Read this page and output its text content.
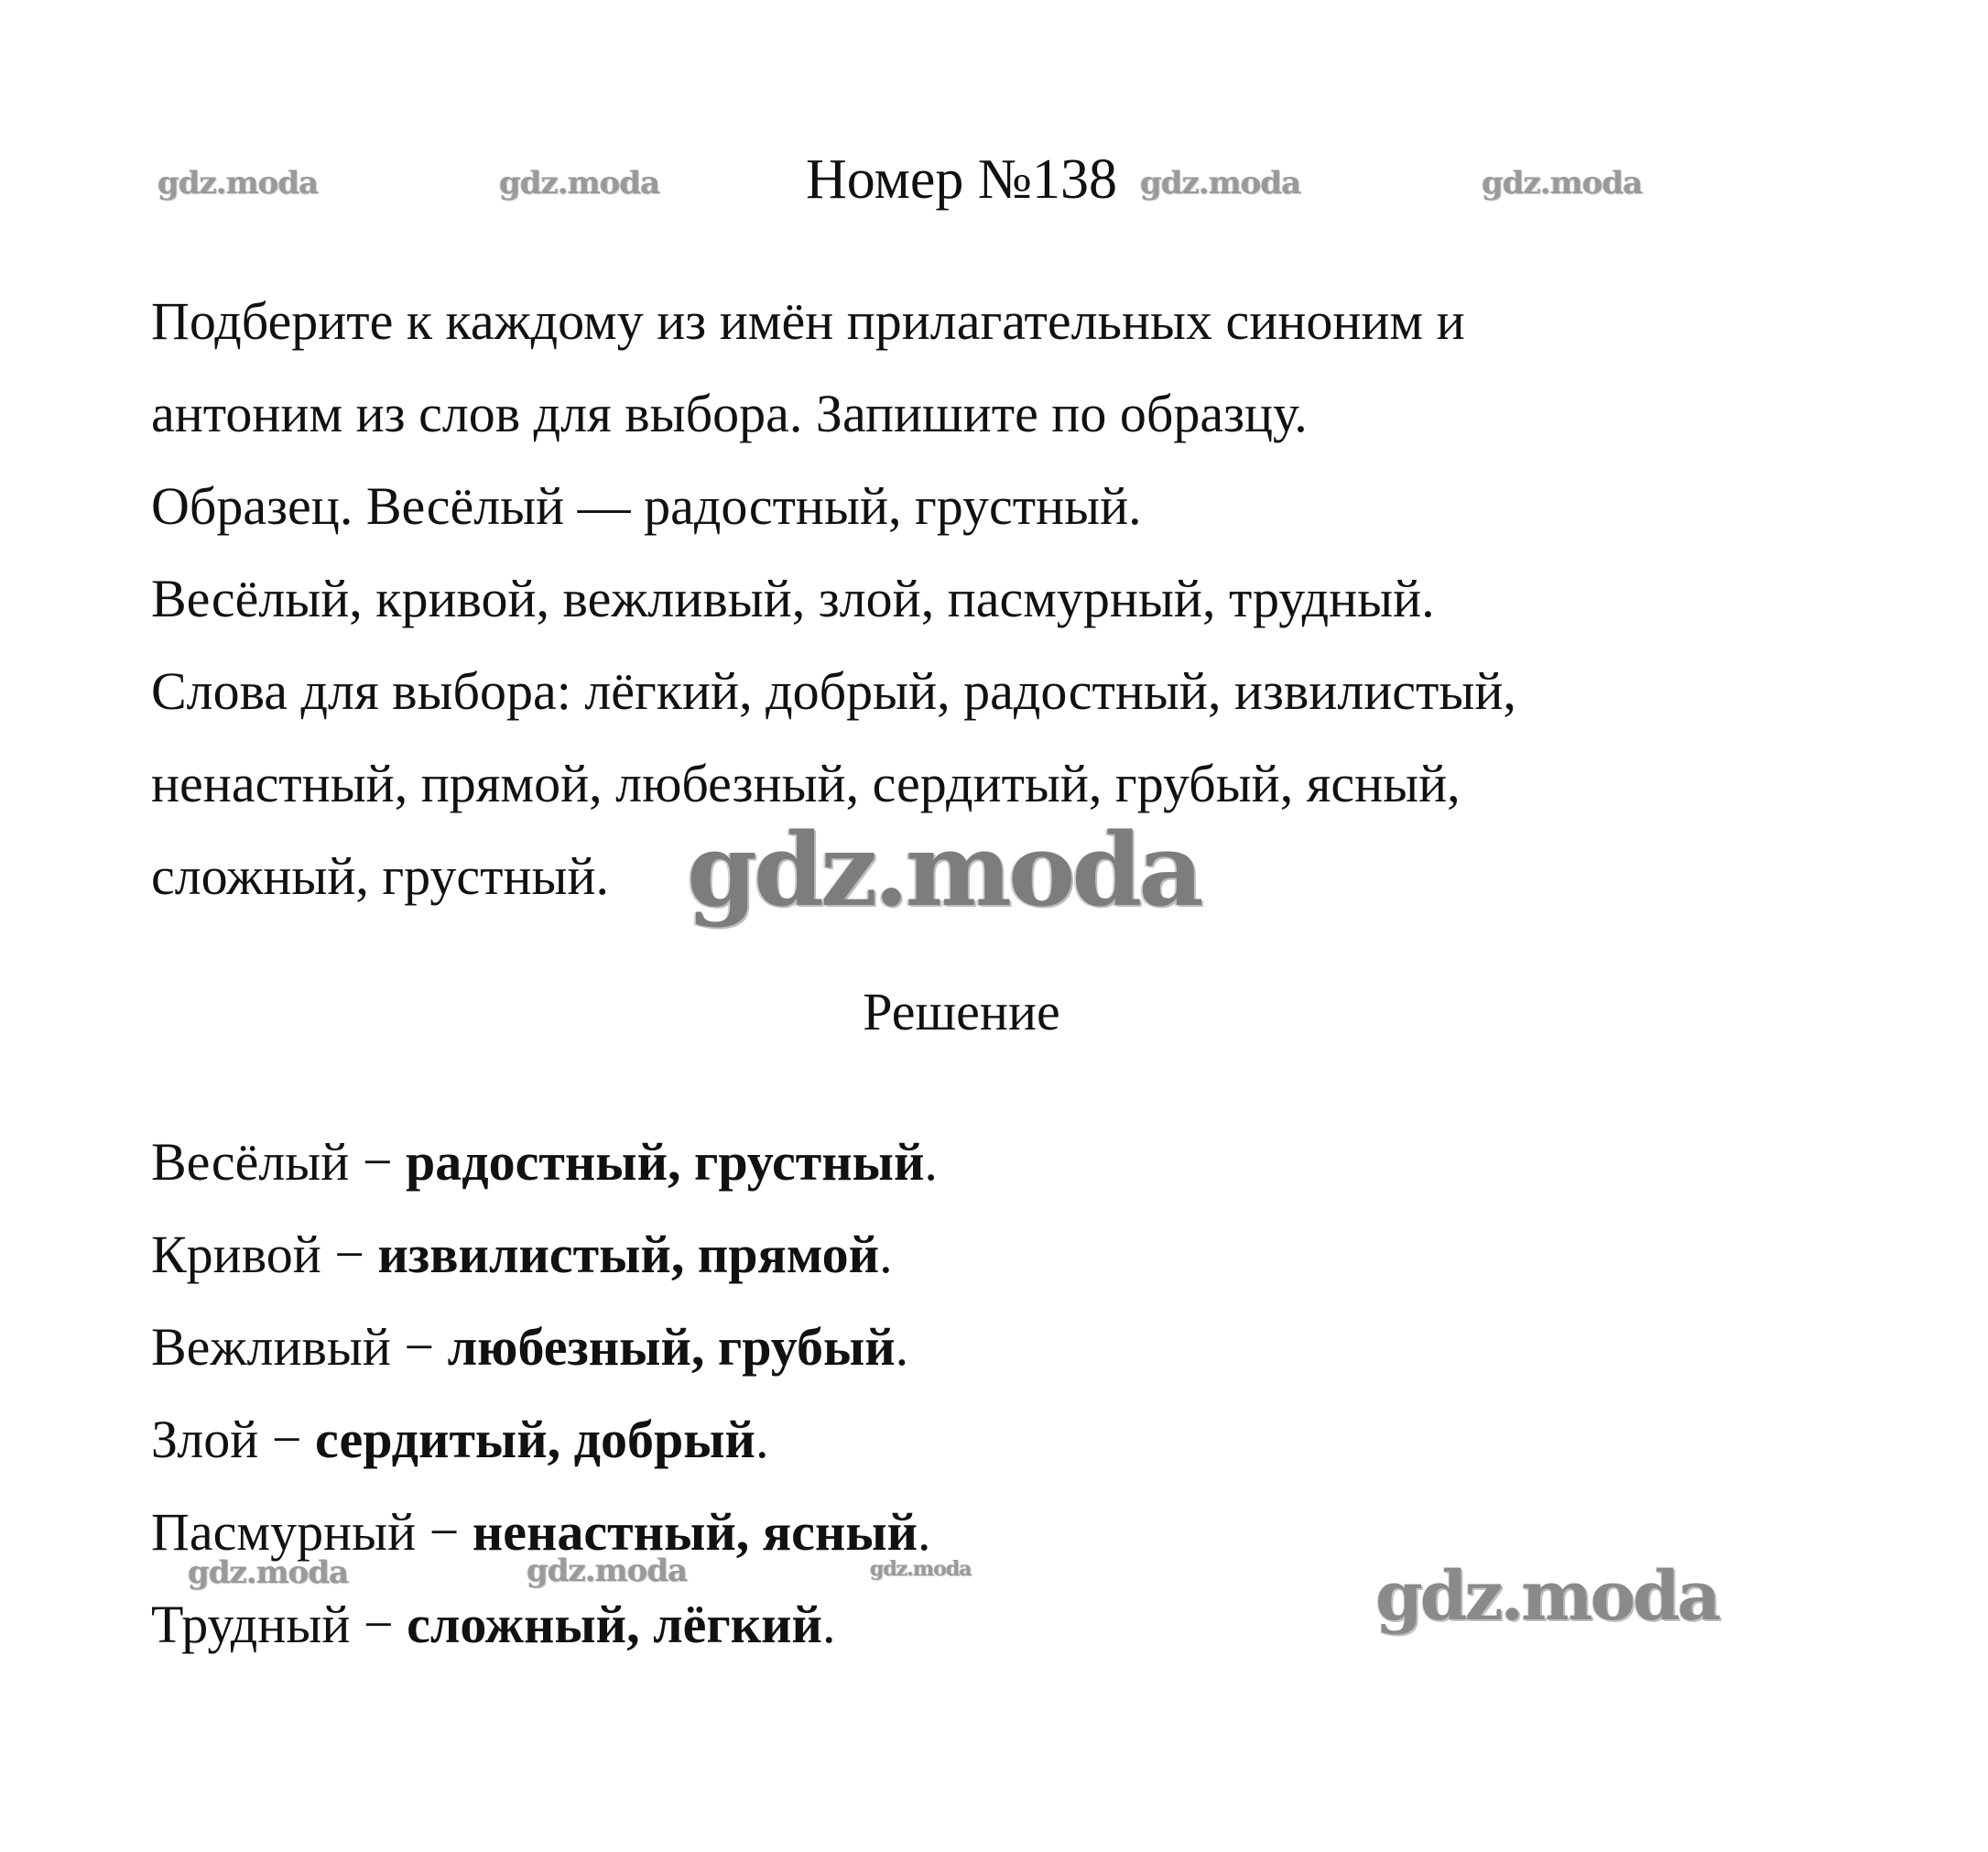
gdz.moda	gdz.moda	gdz.moda	gdz.moda
Номер №138

Подберите к каждому из имён прилагательных синоним и

антоним из слов для выбора. Запишите по образцу.

Образец. Весёлый — радостный, грустный.

Весёлый, кривой, вежливый, злой, пасмурный, трудный.

Слова для выбора: лёгкий, добрый, радостный, извилистый,

ненастный, прямой, любезный, сердитый, грубый, ясный,

сложный, грустный. gdz.moda
Решение

Весёлый − радостный, грустный.

Кривой − извилистый, прямой.

Вежливый − любезный, грубый.

Злой − сердитый, добрый.

Пасмурный − ненастный, ясный.

Трудный − сложный, лёгкий.

gdz.moda	gdz.moda	gdz.moda	gdz.moda
